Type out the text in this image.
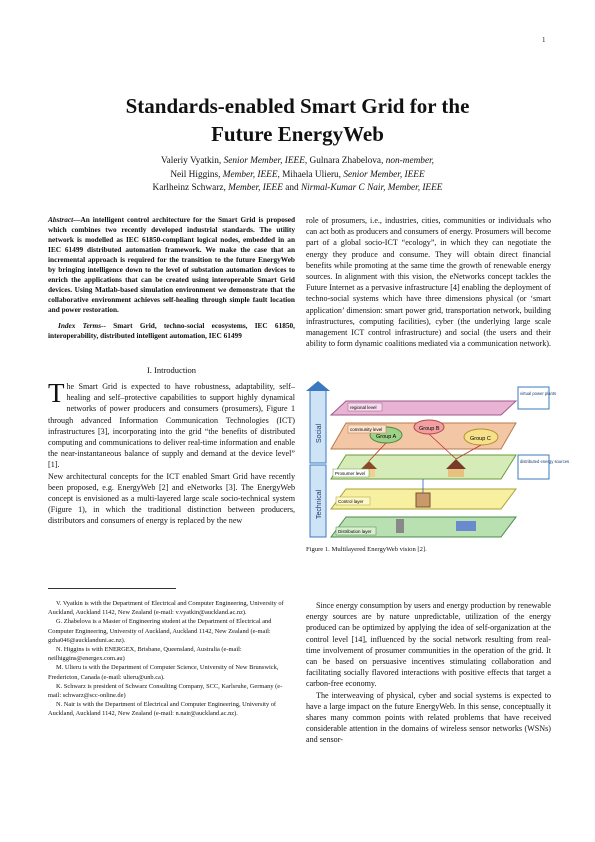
1
Standards-enabled Smart Grid for the
Future EnergyWeb
Valeriy Vyatkin, Senior Member, IEEE, Gulnara Zhabelova, non-member,
Neil Higgins, Member, IEEE, Mihaela Ulieru, Senior Member, IEEE
Karlheinz Schwarz, Member, IEEE and Nirmal-Kumar C Nair, Member, IEEE
Abstract—An intelligent control architecture for the Smart Grid is proposed which combines two recently developed industrial standards. The utility network is modelled as IEC 61850-compliant logical nodes, embedded in an IEC 61499 distributed automation framework. We make the case that an incremental approach is required for the transition to the future EnergyWeb by bringing intelligence down to the level of substation automation devices to enrich the applications that can be created using interoperable Smart Grid devices. Using Matlab-based simulation environment we demonstrate that the collaborative environment achieves self-healing through simple fault location and power restoration.
Index Terms-- Smart Grid, techno-social ecosystems, IEC 61850, interoperability, distributed intelligent automation, IEC 61499
I. Introduction
The Smart Grid is expected to have robustness, adaptability, self–healing and self–protective capabilities to support highly dynamical networks of power producers and consumers (prosumers), Figure 1 through advanced Information Communication Technologies (ICT) infrastructures [3], incorporating into the grid “the benefits of distributed computing and communications to deliver real-time information and enable the near-instantaneous balance of supply and demand at the device level” [1].
New architectural concepts for the ICT enabled Smart Grid have recently been proposed, e.g. EnergyWeb [2] and eNetworks [3]. The EnergyWeb concept is envisioned as a multi-layered large scale socio-technical system (Figure 1), in which the traditional distinction between producers, distributors and consumers of energy is replaced by the new

V. Vyatkin is with the Department of Electrical and Computer Engineering, University of Auckland, Auckland 1142, New Zealand (e-mail: v.vyatkin@auckland.ac.nz).

G. Zhabelova is a Master of Engineering student at the Department of Electrical and Computer Engineering, University of Auckland, Auckland 1142, New Zealand (e-mail: gzha046@aucklanduni.ac.nz).

N. Higgins is with ENERGEX, Brisbane, Queensland, Australia (e-mail: neilhiggins@energex.com.au)

M. Ulieru is with the Department of Computer Science, University of New Brunswick, Fredericton, Canada (e-mail: ulieru@unb.ca).

K. Schwarz is president of Schwarz Consulting Company, SCC, Karlsruhe, Germany (e-mail: schwarz@scc-online.de)

N. Nair is with the Department of Electrical and Computer Engineering, University of Auckland, Auckland 1142, New Zealand (e-mail: n.nair@auckland.ac.nz).

role of prosumers, i.e., industries, cities, communities or individuals who can act both as producers and consumers of energy. Prosumers will become part of a global socio-ICT “ecology”, in which they can negotiate the energy they produce and consume. They will obtain direct financial benefits while promoting at the same time the growth of renewable energy sources. In alignment with this vision, the eNetworks concept tackles the Future Internet as a pervasive infrastructure [4] enabling the deployment of techno-social systems which have three dimensions physical (or ‘smart application’ dimension: smart power grid, transportation network, building infrastructures, computing facilities), cyber (the underlying large scale management ICT control infrastructure) and social (the users and their ability to form dynamic coalitions mediated via a communication network).
Social
Technical
Group A
Group B
Group C
regional level
community level
Prosumer level
Control layer
Distribution layer
virtual power plants
distributed energy sources
Figure 1. Multilayered EnergyWeb vision [2].

Since energy consumption by users and energy production by renewable energy sources are by nature unpredictable, utilization of the energy produced can be optimized by applying the idea of self-organization at the control level [14], influenced by the social network resulting from real-time involvement of prosumer communities in the operation of the grid. It can be based on persuasive incentives stimulating collaboration and facilitating socially flavored interactions with positive effects that target a carbon-free economy.

The interweaving of physical, cyber and social systems is expected to have a large impact on the future EnergyWeb. In this sense, conceptually it shares many common points with related problems that have received considerable attention in the domains of wireless sensor networks (WSNs) and sensor-
